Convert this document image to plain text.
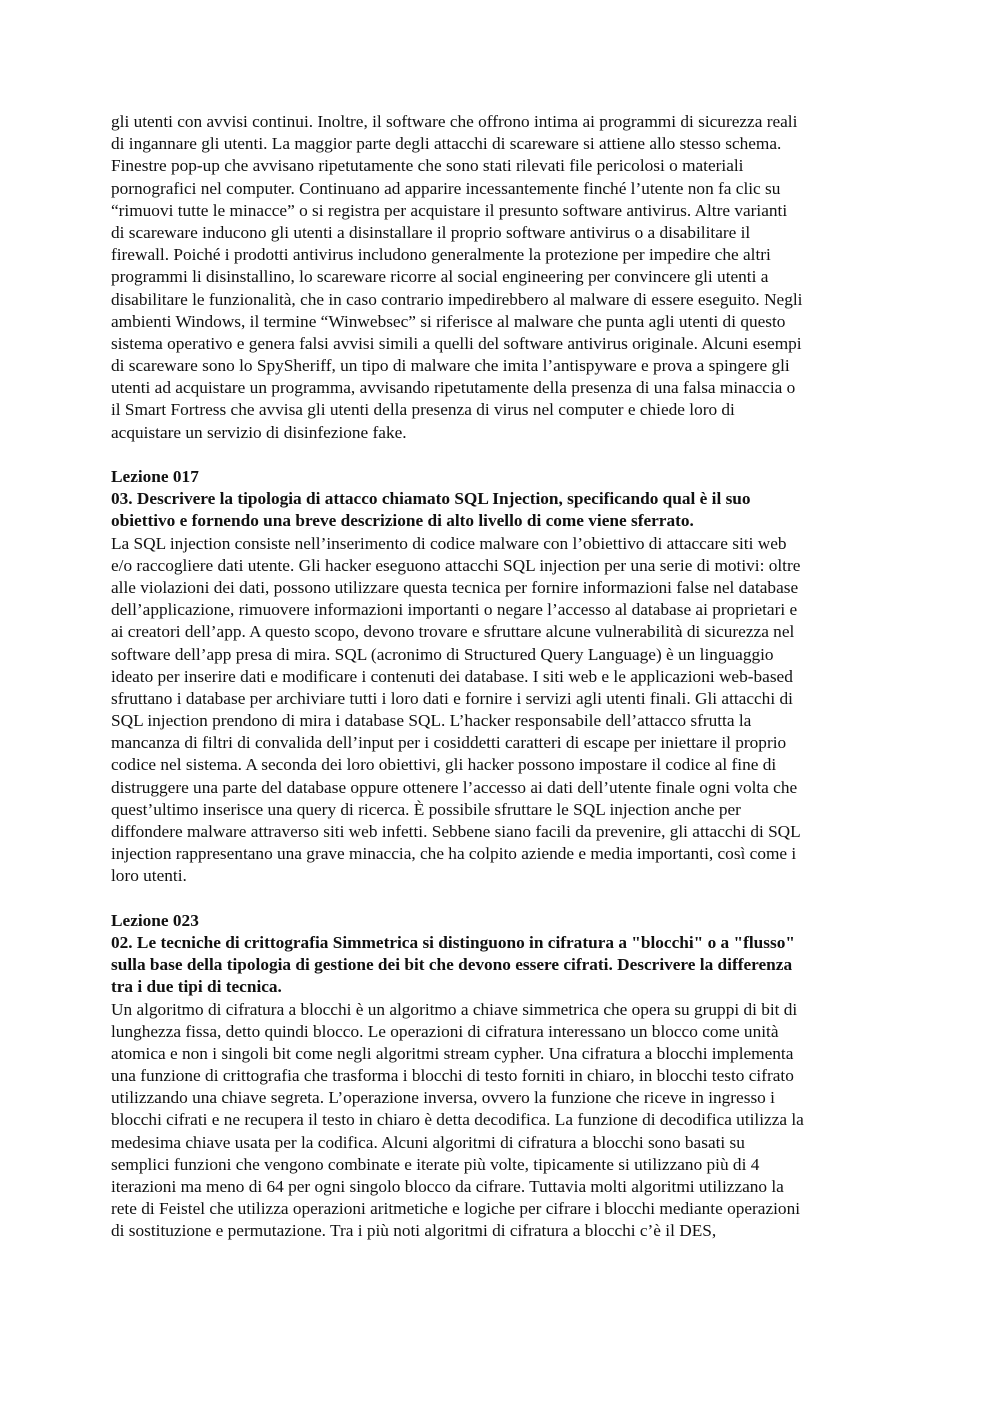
gli utenti con avvisi continui. Inoltre, il software che offrono intima ai programmi di sicurezza reali
di ingannare gli utenti. La maggior parte degli attacchi di scareware si attiene allo stesso schema.
Finestre pop-up che avvisano ripetutamente che sono stati rilevati file pericolosi o materiali
pornografici nel computer. Continuano ad apparire incessantemente finché l’utente non fa clic su
“rimuovi tutte le minacce” o si registra per acquistare il presunto software antivirus. Altre varianti
di scareware inducono gli utenti a disinstallare il proprio software antivirus o a disabilitare il
firewall. Poiché i prodotti antivirus includono generalmente la protezione per impedire che altri
programmi li disinstallino, lo scareware ricorre al social engineering per convincere gli utenti a
disabilitare le funzionalità, che in caso contrario impedirebbero al malware di essere eseguito. Negli
ambienti Windows, il termine “Winwebsec” si riferisce al malware che punta agli utenti di questo
sistema operativo e genera falsi avvisi simili a quelli del software antivirus originale. Alcuni esempi
di scareware sono lo SpySheriff, un tipo di malware che imita l’antispyware e prova a spingere gli
utenti ad acquistare un programma, avvisando ripetutamente della presenza di una falsa minaccia o
il Smart Fortress che avvisa gli utenti della presenza di virus nel computer e chiede loro di
acquistare un servizio di disinfezione fake.
Lezione 017
03. Descrivere la tipologia di attacco chiamato SQL Injection, specificando qual è il suo
obiettivo e fornendo una breve descrizione di alto livello di come viene sferrato.
La SQL injection consiste nell’inserimento di codice malware con l’obiettivo di attaccare siti web
e/o raccogliere dati utente. Gli hacker eseguono attacchi SQL injection per una serie di motivi: oltre
alle violazioni dei dati, possono utilizzare questa tecnica per fornire informazioni false nel database
dell’applicazione, rimuovere informazioni importanti o negare l’accesso al database ai proprietari e
ai creatori dell’app. A questo scopo, devono trovare e sfruttare alcune vulnerabilità di sicurezza nel
software dell’app presa di mira. SQL (acronimo di Structured Query Language) è un linguaggio
ideato per inserire dati e modificare i contenuti dei database. I siti web e le applicazioni web-based
sfruttano i database per archiviare tutti i loro dati e fornire i servizi agli utenti finali. Gli attacchi di
SQL injection prendono di mira i database SQL. L’hacker responsabile dell’attacco sfrutta la
mancanza di filtri di convalida dell’input per i cosiddetti caratteri di escape per iniettare il proprio
codice nel sistema. A seconda dei loro obiettivi, gli hacker possono impostare il codice al fine di
distruggere una parte del database oppure ottenere l’accesso ai dati dell’utente finale ogni volta che
quest’ultimo inserisce una query di ricerca. È possibile sfruttare le SQL injection anche per
diffondere malware attraverso siti web infetti. Sebbene siano facili da prevenire, gli attacchi di SQL
injection rappresentano una grave minaccia, che ha colpito aziende e media importanti, così come i
loro utenti.
Lezione 023
02. Le tecniche di crittografia Simmetrica si distinguono in cifratura a "blocchi" o a "flusso"
sulla base della tipologia di gestione dei bit che devono essere cifrati. Descrivere la differenza
tra i due tipi di tecnica.
Un algoritmo di cifratura a blocchi è un algoritmo a chiave simmetrica che opera su gruppi di bit di
lunghezza fissa, detto quindi blocco. Le operazioni di cifratura interessano un blocco come unità
atomica e non i singoli bit come negli algoritmi stream cypher. Una cifratura a blocchi implementa
una funzione di crittografia che trasforma i blocchi di testo forniti in chiaro, in blocchi testo cifrato
utilizzando una chiave segreta. L’operazione inversa, ovvero la funzione che riceve in ingresso i
blocchi cifrati e ne recupera il testo in chiaro è detta decodifica. La funzione di decodifica utilizza la
medesima chiave usata per la codifica. Alcuni algoritmi di cifratura a blocchi sono basati su
semplici funzioni che vengono combinate e iterate più volte, tipicamente si utilizzano più di 4
iterazioni ma meno di 64 per ogni singolo blocco da cifrare. Tuttavia molti algoritmi utilizzano la
rete di Feistel che utilizza operazioni aritmetiche e logiche per cifrare i blocchi mediante operazioni
di sostituzione e permutazione. Tra i più noti algoritmi di cifratura a blocchi c’è il DES,
